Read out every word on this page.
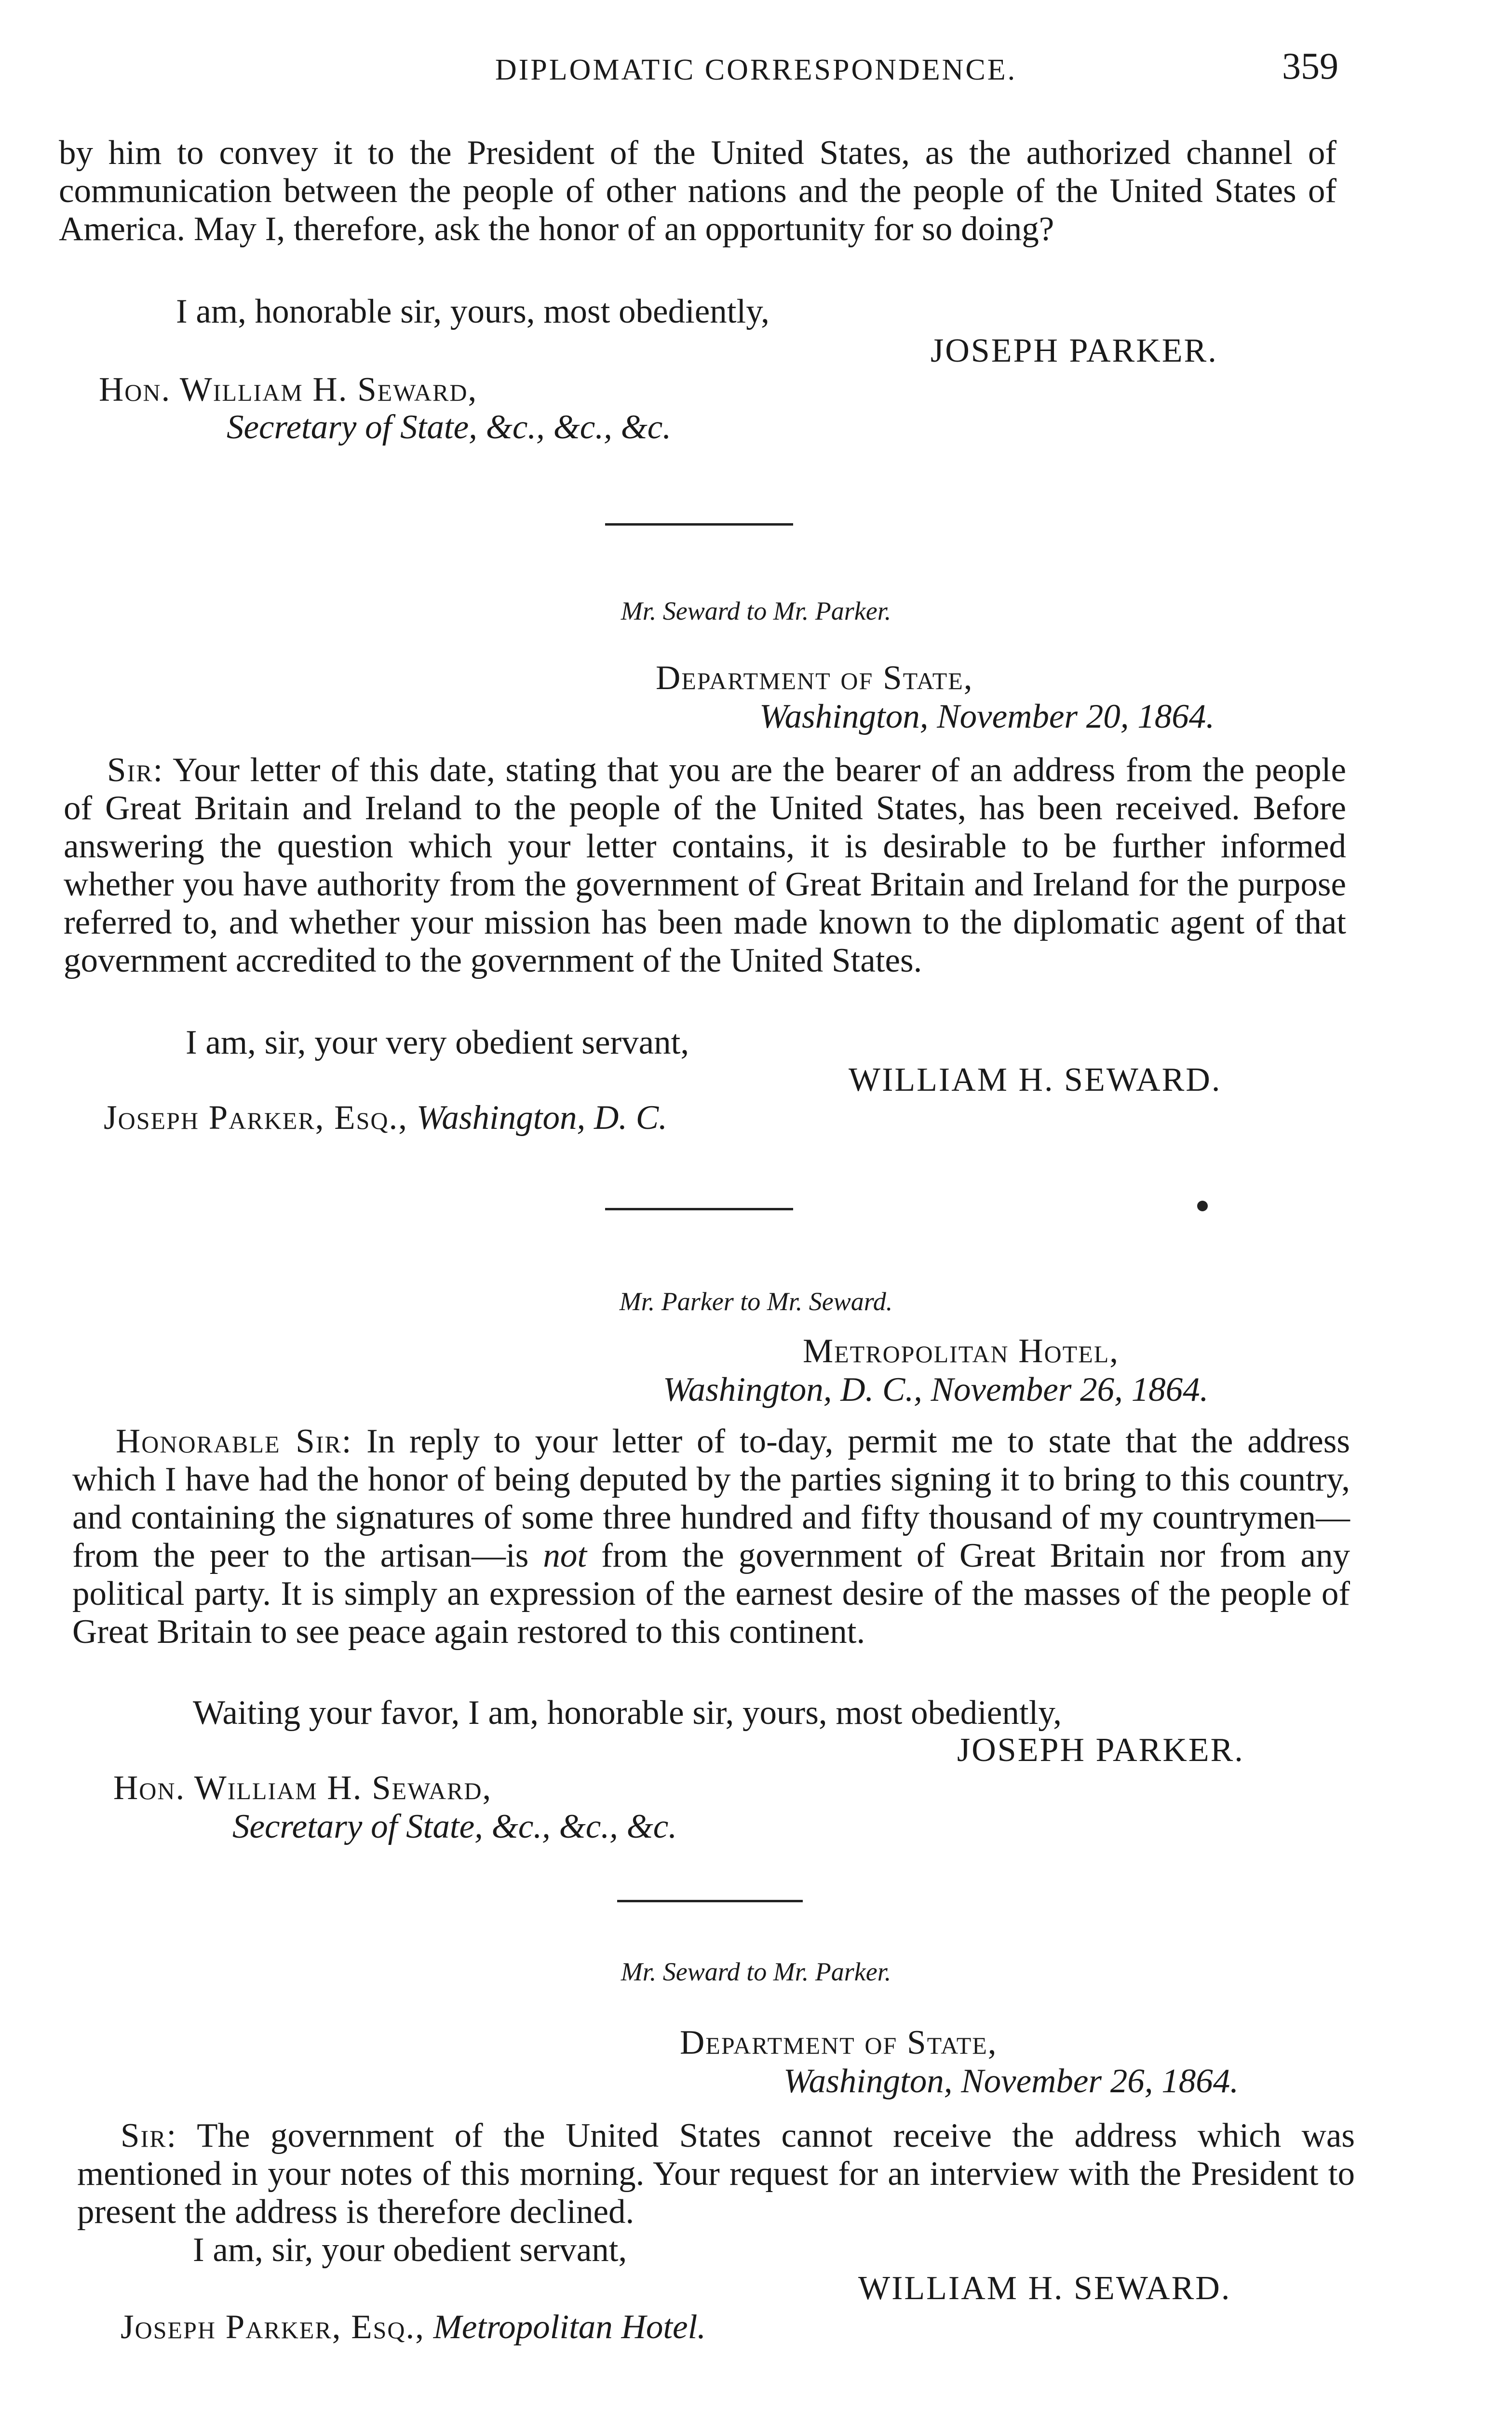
DIPLOMATIC CORRESPONDENCE.	359

by him to convey it to the President of the United States, as the authorized channel of communication between the people of other nations and the people of the United States of America. May I, therefore, ask the honor of an opportunity for so doing?

I am, honorable sir, yours, most obediently,
JOSEPH PARKER.
Hon. William H. Seward,
Secretary of State, &c., &c., &c.
Mr. Seward to Mr. Parker.
Department of State,
Washington, November 20, 1864.

Sir: Your letter of this date, stating that you are the bearer of an address from the people of Great Britain and Ireland to the people of the United States, has been received. Before answering the question which your letter contains, it is desirable to be further informed whether you have authority from the government of Great Britain and Ireland for the purpose referred to, and whether your mission has been made known to the diplomatic agent of that government accredited to the government of the United States.

I am, sir, your very obedient servant,
WILLIAM H. SEWARD.
Joseph Parker, Esq., Washington, D. C.
Mr. Parker to Mr. Seward.
Metropolitan Hotel,
Washington, D. C., November 26, 1864.

Honorable Sir: In reply to your letter of to-day, permit me to state that the address which I have had the honor of being deputed by the parties signing it to bring to this country, and containing the signatures of some three hundred and fifty thousand of my countrymen—from the peer to the artisan—is not from the government of Great Britain nor from any political party. It is simply an expression of the earnest desire of the masses of the people of Great Britain to see peace again restored to this continent.

Waiting your favor, I am, honorable sir, yours, most obediently,
JOSEPH PARKER.
Hon. William H. Seward,
Secretary of State, &c., &c., &c.
Mr. Seward to Mr. Parker.
Department of State,
Washington, November 26, 1864.

Sir: The government of the United States cannot receive the address which was mentioned in your notes of this morning. Your request for an interview with the President to present the address is therefore declined.

I am, sir, your obedient servant,
WILLIAM H. SEWARD.
Joseph Parker, Esq., Metropolitan Hotel.
